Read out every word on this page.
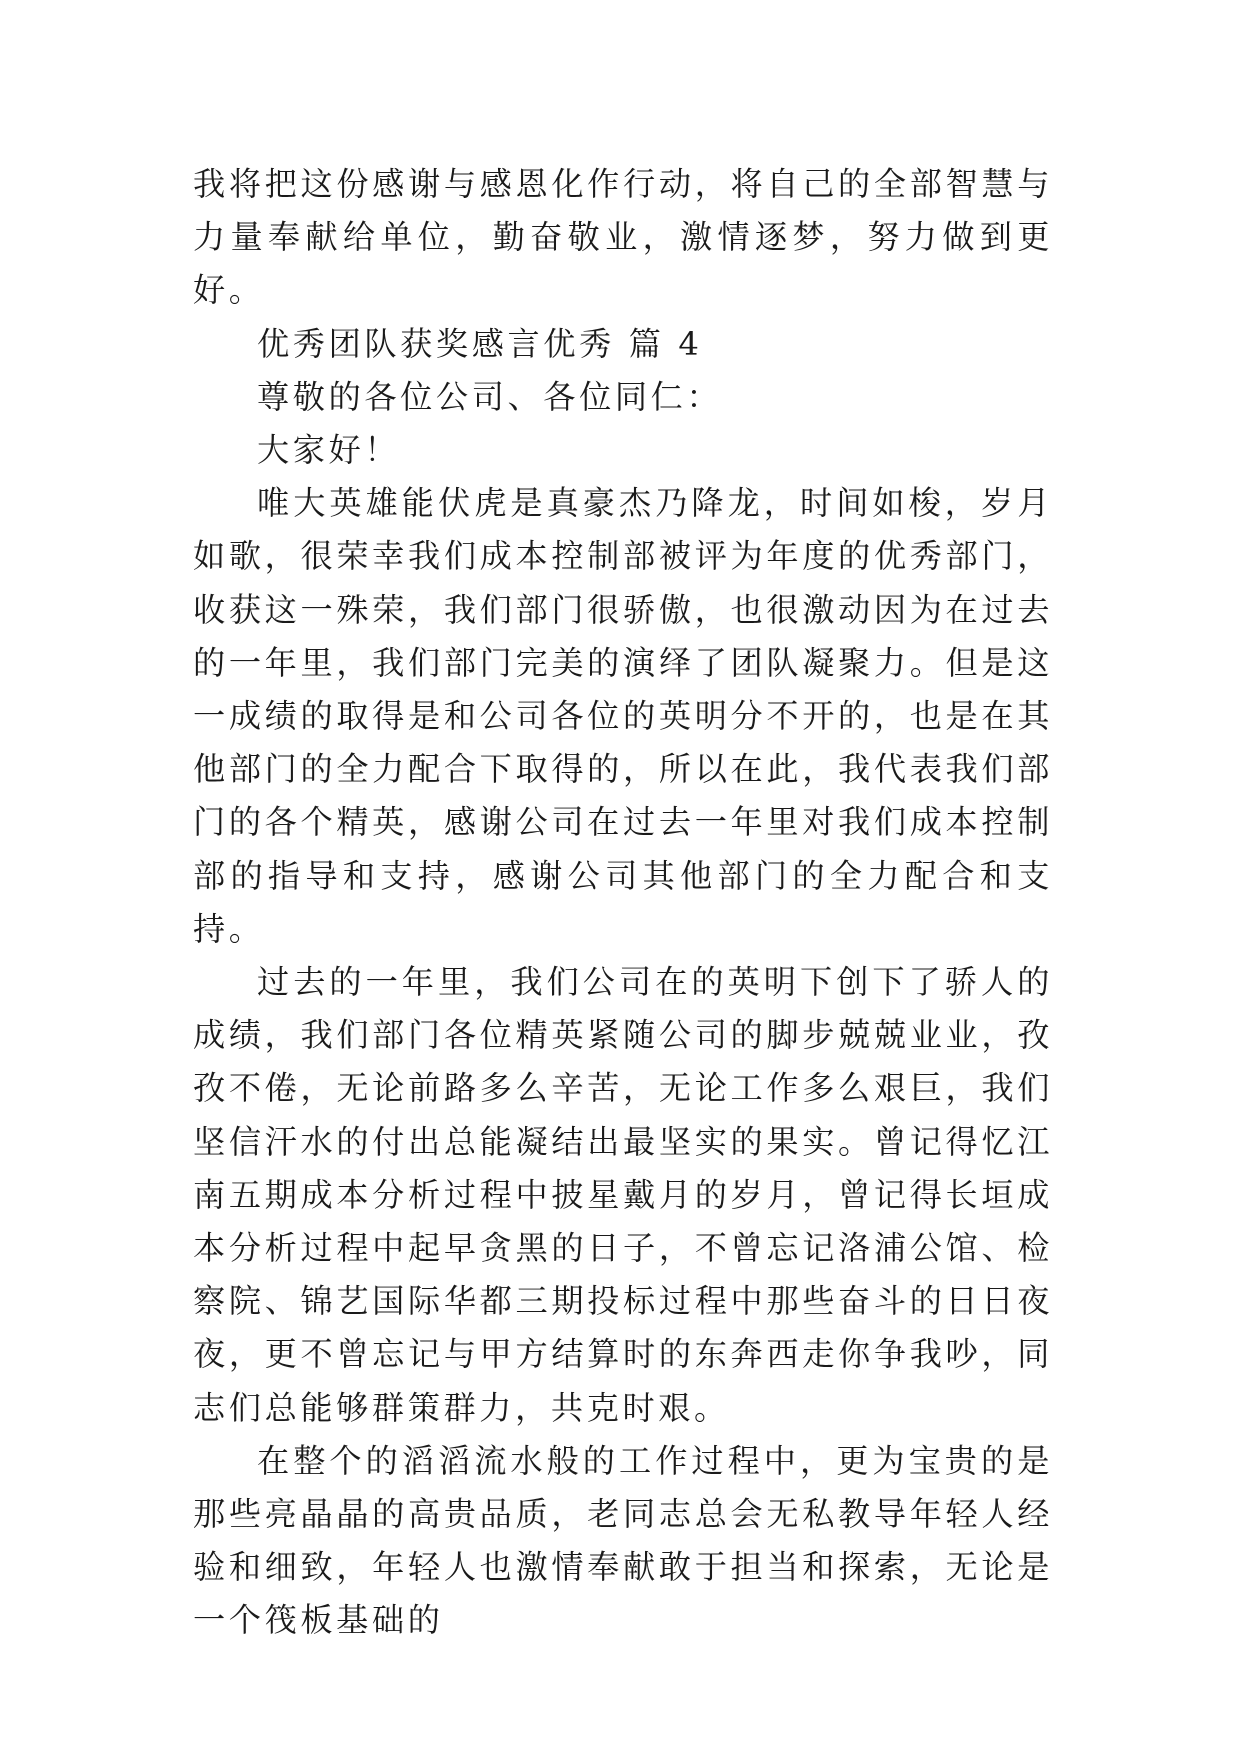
我将把这份感谢与感恩化作行动，将自己的全部智慧与力量奉献给单位，勤奋敬业，激情逐梦，努力做到更好。

优秀团队获奖感言优秀 篇 4

尊敬的各位公司、各位同仁：

大家好！

唯大英雄能伏虎是真豪杰乃降龙，时间如梭，岁月如歌，很荣幸我们成本控制部被评为年度的优秀部门，收获这一殊荣，我们部门很骄傲，也很激动因为在过去的一年里，我们部门完美的演绎了团队凝聚力。但是这一成绩的取得是和公司各位的英明分不开的，也是在其他部门的全力配合下取得的，所以在此，我代表我们部门的各个精英，感谢公司在过去一年里对我们成本控制部的指导和支持，感谢公司其他部门的全力配合和支持。

过去的一年里，我们公司在的英明下创下了骄人的成绩，我们部门各位精英紧随公司的脚步兢兢业业，孜孜不倦，无论前路多么辛苦，无论工作多么艰巨，我们坚信汗水的付出总能凝结出最坚实的果实。曾记得忆江南五期成本分析过程中披星戴月的岁月，曾记得长垣成本分析过程中起早贪黑的日子，不曾忘记洛浦公馆、检察院、锦艺国际华都三期投标过程中那些奋斗的日日夜夜，更不曾忘记与甲方结算时的东奔西走你争我吵，同志们总能够群策群力，共克时艰。

在整个的滔滔流水般的工作过程中，更为宝贵的是那些亮晶晶的高贵品质，老同志总会无私教导年轻人经验和细致，年轻人也激情奉献敢于担当和探索，无论是一个筏板基础的
